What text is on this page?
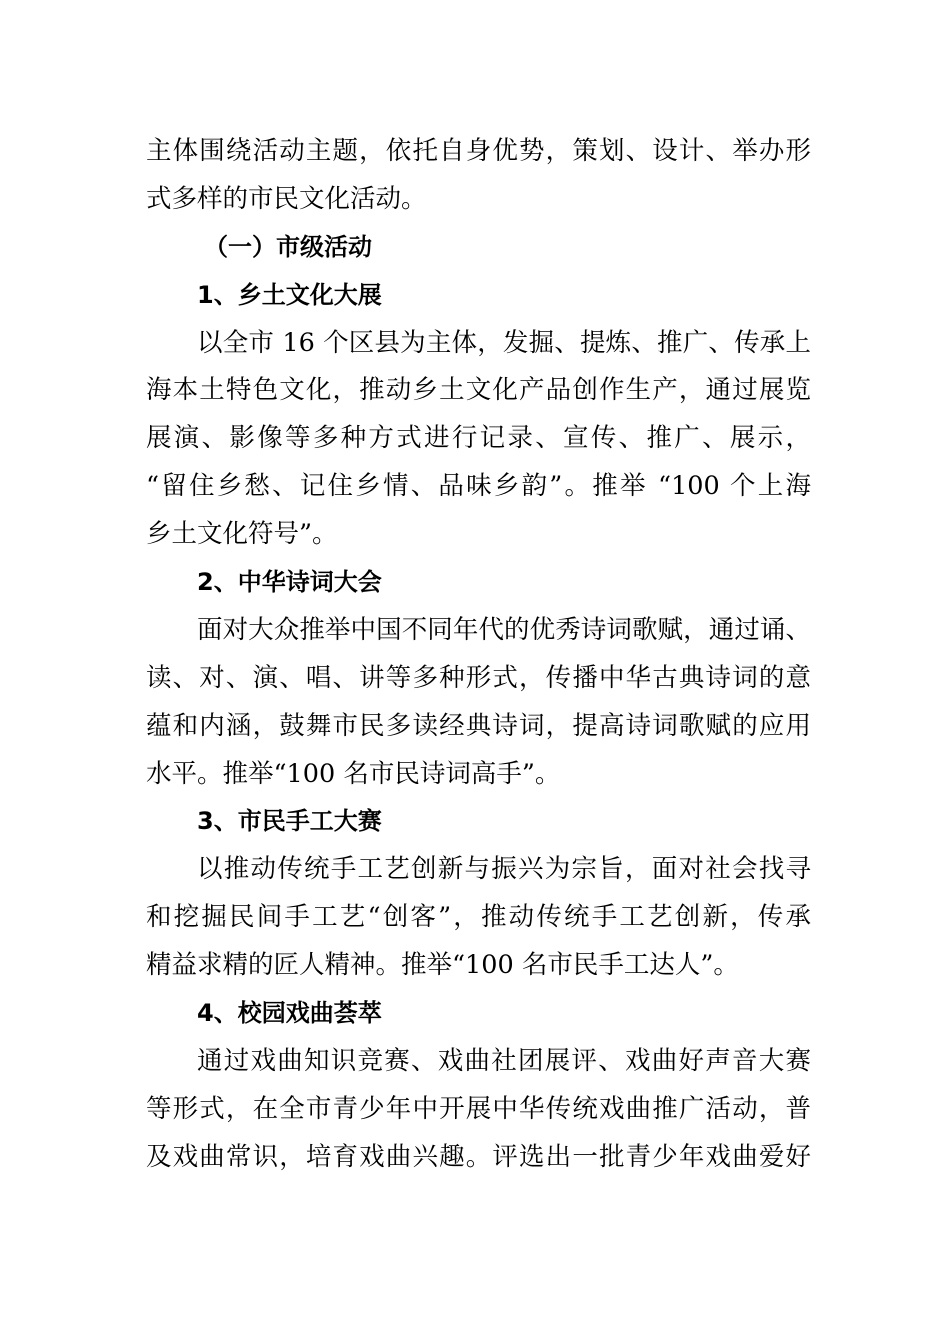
主体围绕活动主题，依托自身优势，策划、设计、举办形
式多样的市民文化活动。
（一）市级活动
1、乡土文化大展
以全市 16 个区县为主体，发掘、提炼、推广、传承上
海本土特色文化，推动乡土文化产品创作生产，通过展览
展演、影像等多种方式进行记录、宣传、推广、展示，
“留住乡愁、记住乡情、品味乡韵”。推举 “100 个上海
乡土文化符号”。
2、中华诗词大会
面对大众推举中国不同年代的优秀诗词歌赋，通过诵、
读、对、演、唱、讲等多种形式，传播中华古典诗词的意
蕴和内涵，鼓舞市民多读经典诗词，提高诗词歌赋的应用
水平。推举“100 名市民诗词高手”。
3、市民手工大赛
以推动传统手工艺创新与振兴为宗旨，面对社会找寻
和挖掘民间手工艺“创客”，推动传统手工艺创新，传承
精益求精的匠人精神。推举“100 名市民手工达人”。
4、校园戏曲荟萃
通过戏曲知识竞赛、戏曲社团展评、戏曲好声音大赛
等形式，在全市青少年中开展中华传统戏曲推广活动，普
及戏曲常识，培育戏曲兴趣。评选出一批青少年戏曲爱好
